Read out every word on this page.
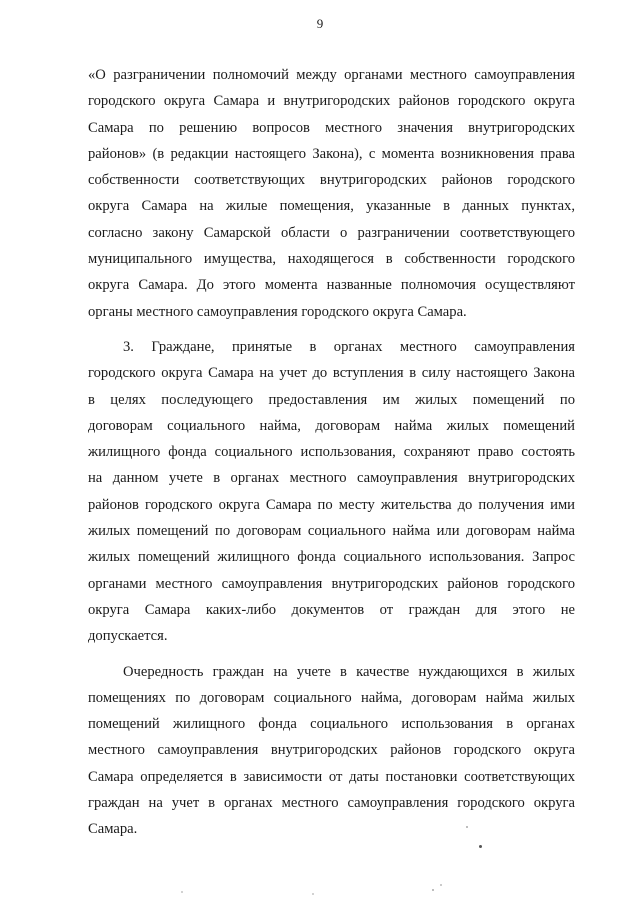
9
«О разграничении полномочий между органами местного самоуправления
городского округа Самара и внутригородских районов городского округа
Самара по решению вопросов местного значения внутригородских
районов» (в редакции настоящего Закона), с момента возникновения права
собственности соответствующих внутригородских районов городского
округа Самара на жилые помещения, указанные в данных пунктах,
согласно закону Самарской области о разграничении соответствующего
муниципального имущества, находящегося в собственности городского
округа Самара. До этого момента названные полномочия осуществляют
органы местного самоуправления городского округа Самара.
3. Граждане, принятые в органах местного самоуправления
городского округа Самара на учет до вступления в силу настоящего Закона
в целях последующего предоставления им жилых помещений по
договорам социального найма, договорам найма жилых помещений
жилищного фонда социального использования, сохраняют право состоять
на данном учете в органах местного самоуправления внутригородских
районов городского округа Самара по месту жительства до получения ими
жилых помещений по договорам социального найма или договорам найма
жилых помещений жилищного фонда социального использования. Запрос
органами местного самоуправления внутригородских районов городского
округа Самара каких-либо документов от граждан для этого не
допускается.
Очередность граждан на учете в качестве нуждающихся в жилых
помещениях по договорам социального найма, договорам найма жилых
помещений жилищного фонда социального использования в органах
местного самоуправления внутригородских районов городского округа
Самара определяется в зависимости от даты постановки соответствующих
граждан на учет в органах местного самоуправления городского округа
Самара.
